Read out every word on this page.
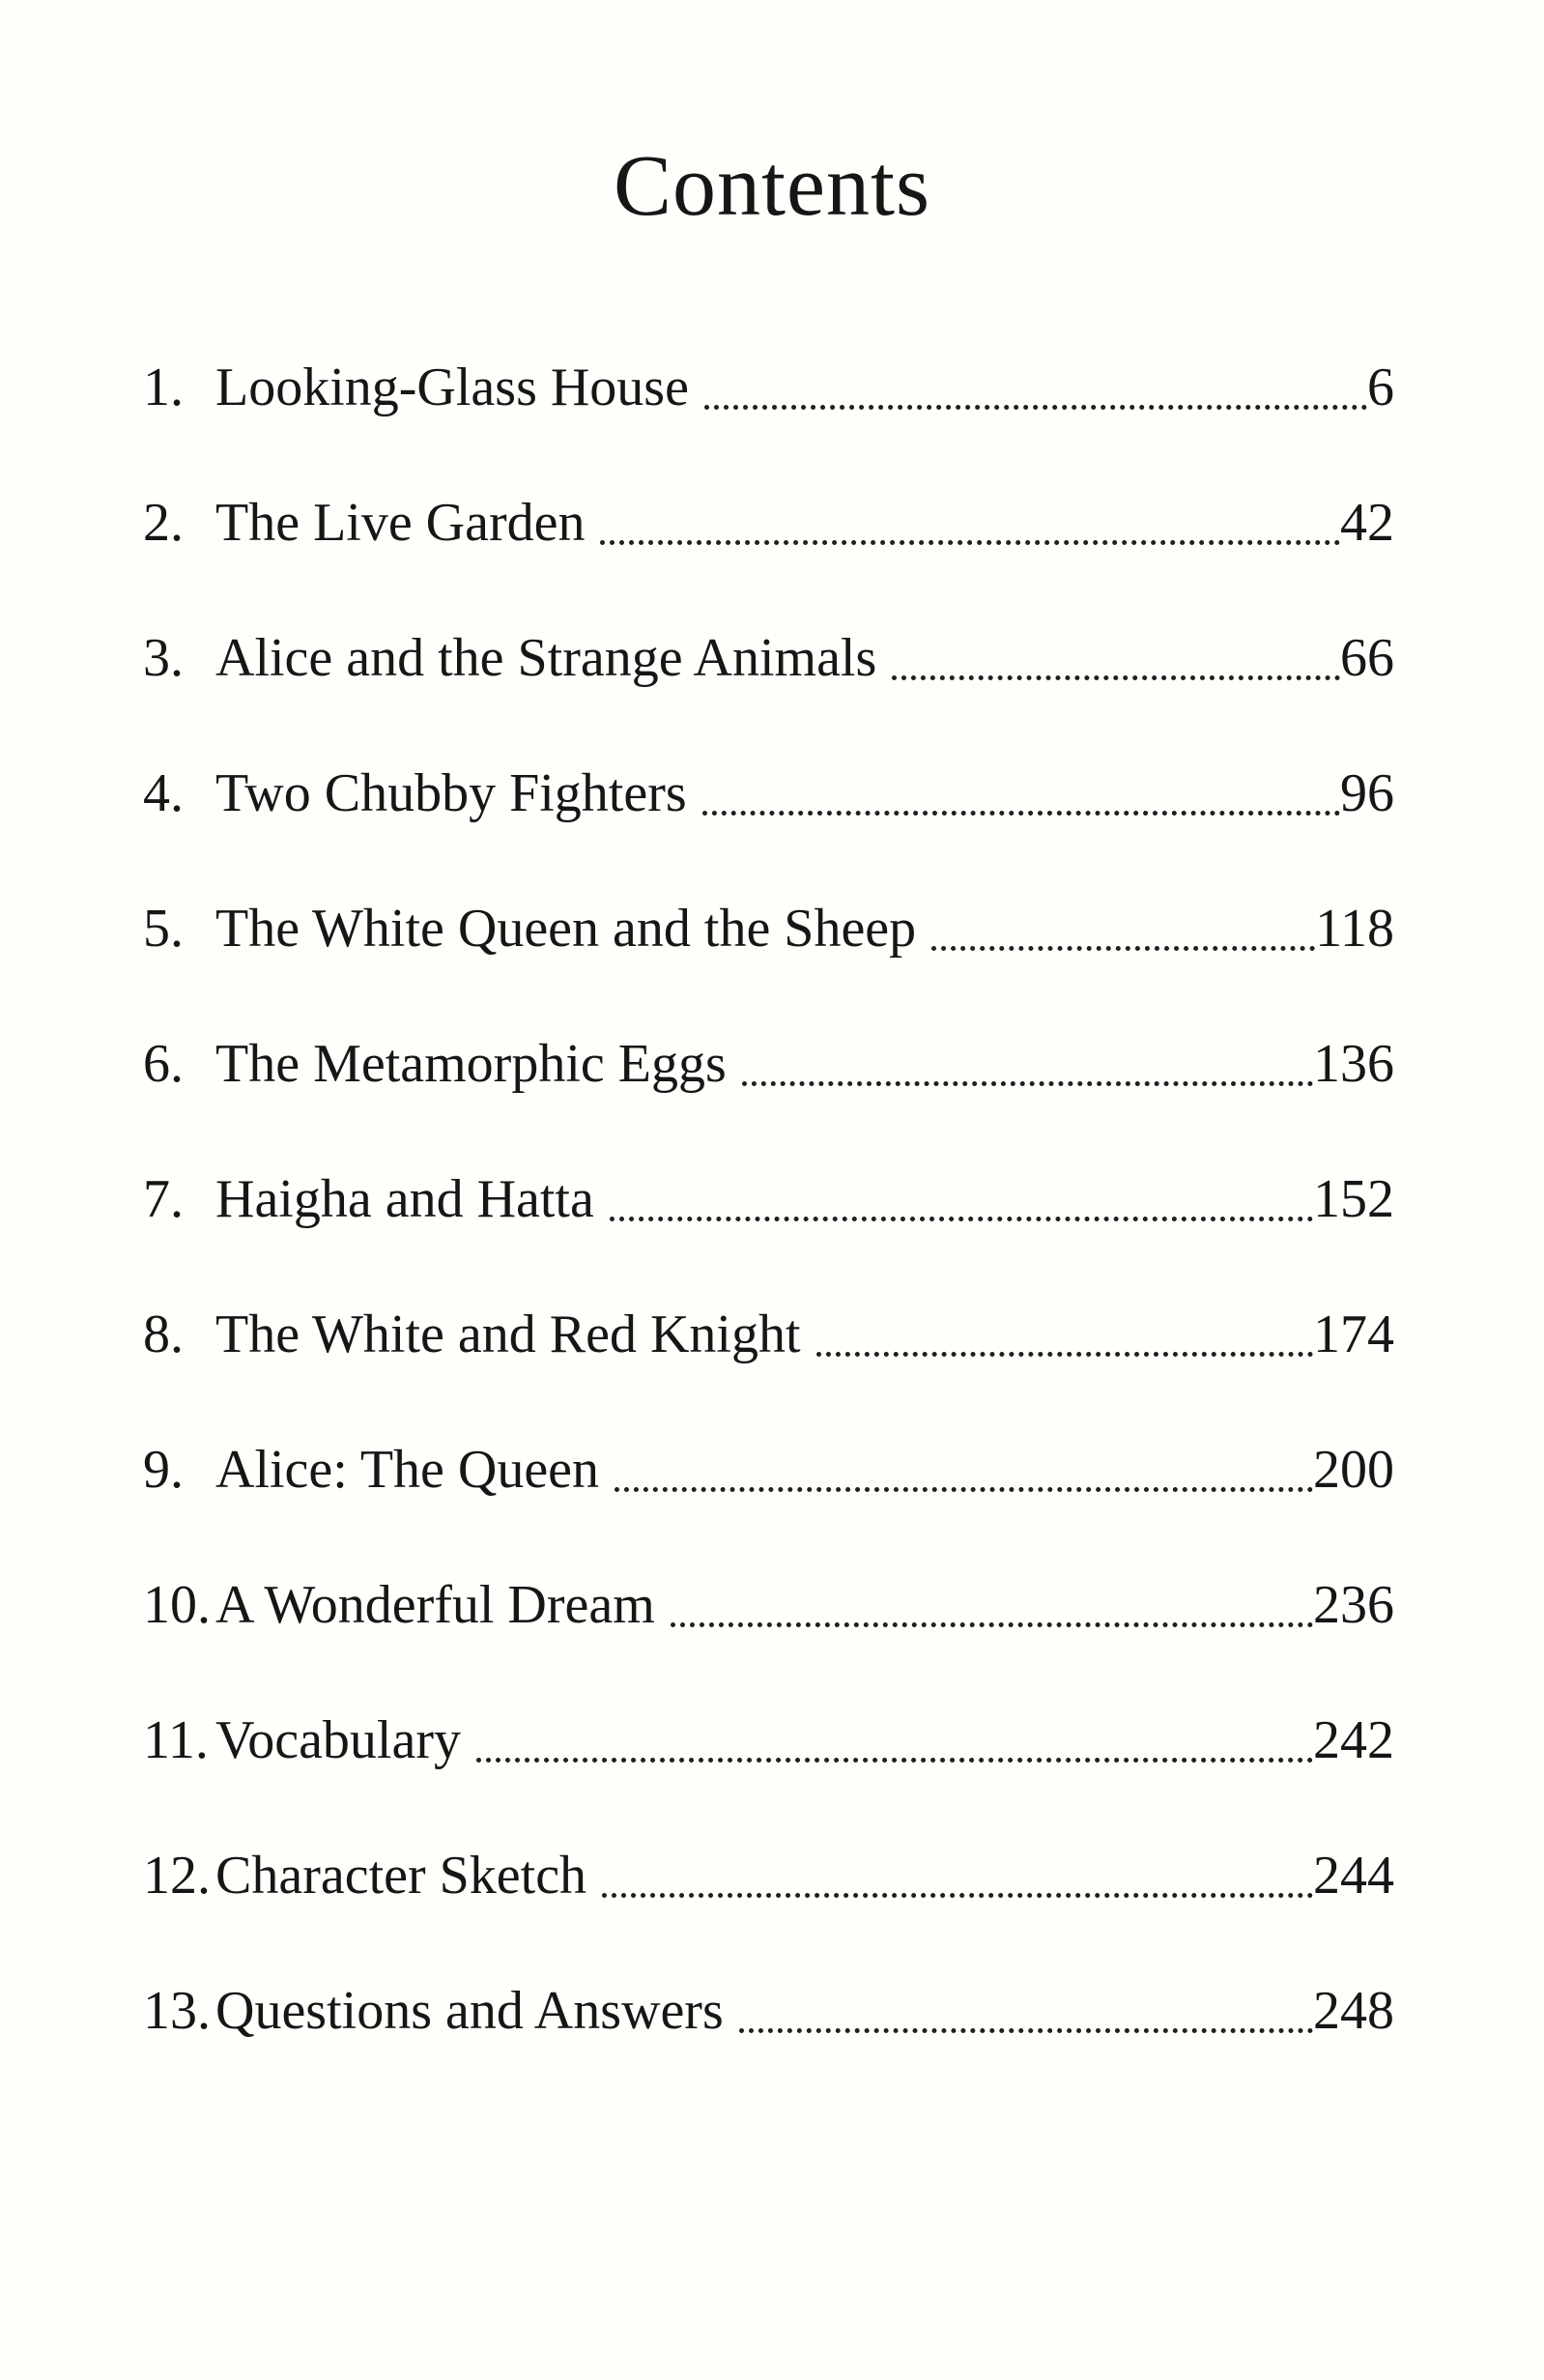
Contents
1. Looking-Glass House	6
2. The Live Garden	42
3. Alice and the Strange Animals	66
4. Two Chubby Fighters	96
5. The White Queen and the Sheep	118
6. The Metamorphic Eggs	136
7. Haigha and Hatta	152
8. The White and Red Knight	174
9. Alice: The Queen	200
10. A Wonderful Dream	236
11. Vocabulary	242
12. Character Sketch	244
13. Questions and Answers	248
